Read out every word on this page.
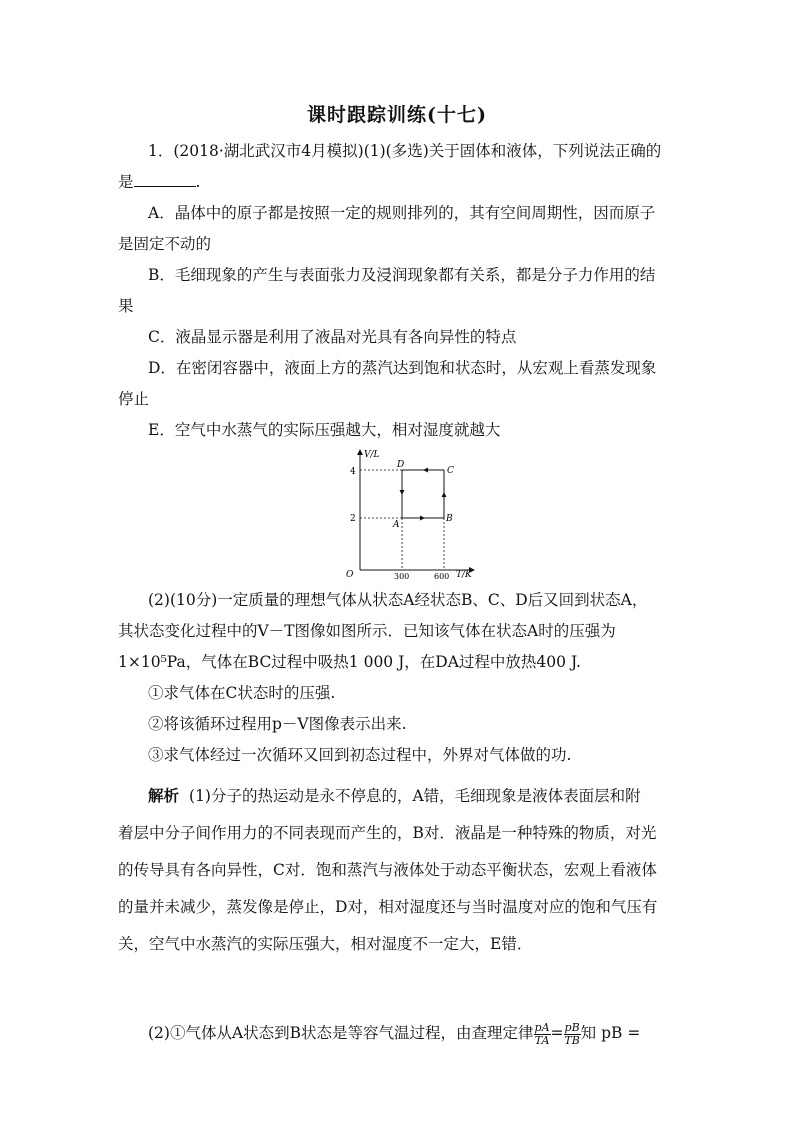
课时跟踪训练(十七)
1．(2018·湖北武汉市4月模拟)(1)(多选)关于固体和液体，下列说法正确的
是	.
A．晶体中的原子都是按照一定的规则排列的，其有空间周期性，因而原子
是固定不动的
B．毛细现象的产生与表面张力及浸润现象都有关系，都是分子力作用的结
果
C．液晶显示器是利用了液晶对光具有各向异性的特点
D．在密闭容器中，液面上方的蒸汽达到饱和状态时，从宏观上看蒸发现象
停止
E．空气中水蒸气的实际压强越大，相对湿度就越大
V/L
T/K
O
4
2
300	600
D
C
A
B
(2)(10分)一定质量的理想气体从状态A经状态B、C、D后又回到状态A，
其状态变化过程中的V－T图像如图所示．已知该气体在状态A时的压强为
1×10⁵Pa，气体在BC过程中吸热1 000 J，在DA过程中放热400 J.
①求气体在C状态时的压强.
②将该循环过程用p－V图像表示出来.
③求气体经过一次循环又回到初态过程中，外界对气体做的功.
解析 (1)分子的热运动是永不停息的，A错，毛细现象是液体表面层和附
着层中分子间作用力的不同表现而产生的，B对．液晶是一种特殊的物质，对光
的传导具有各向异性，C对．饱和蒸汽与液体处于动态平衡状态，宏观上看液体
的量并未减少，蒸发像是停止，D对，相对湿度还与当时温度对应的饱和气压有
关，空气中水蒸汽的实际压强大，相对湿度不一定大，E错．
(2)①气体从A状态到B状态是等容气温过程，由查理定律 $\frac{pA}{TA} = \frac{pB}{TB}$ 知 pB =
